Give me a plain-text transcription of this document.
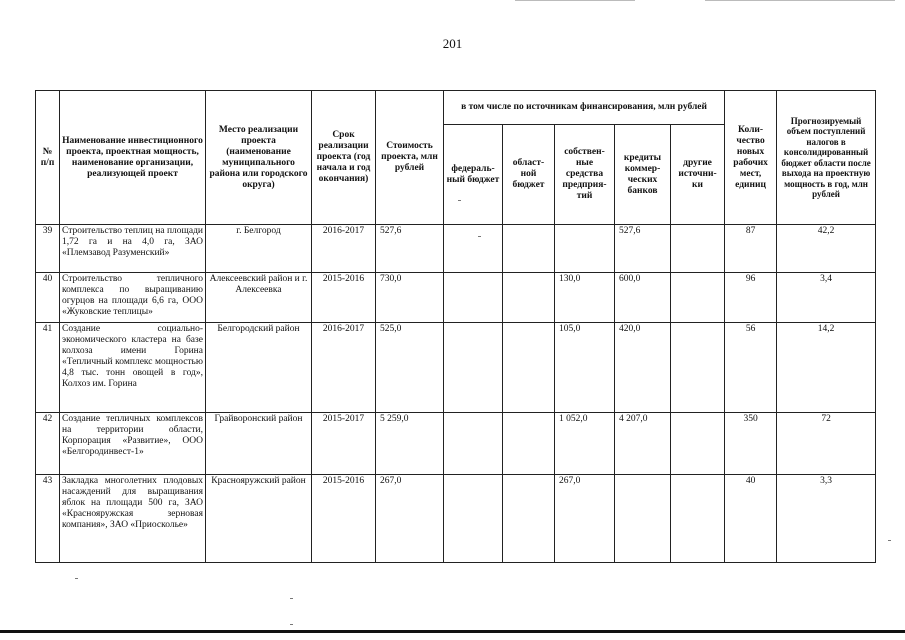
201
№ п/п	Наименование инвестиционного проекта, проектная мощность, наименование организации, реализующей проект	Место реализации проекта (наименование муниципального района или городского округа)	Срок реализации проекта (год начала и год окончания)	Стоимость проекта, млн рублей	в том числе по источникам финансирования, млн рублей					Коли-чество новых рабочих мест, единиц	Прогнозируемый объем поступлений налогов в консолидированный бюджет области после выхода на проектную мощность в год, млн рублей
					федераль-ный бюджет	област-ной бюджет	собствен-ные средства предприя-тий	кредиты коммер-ческих банков	другие источни-ки		
39	Строительство теплиц на площади 1,72 га и на 4,0 га, ЗАО «Племзавод Разуменский»	г. Белгород	2016-2017	527,6				527,6		87	42,2
40	Строительство тепличного комплекса по выращиванию огурцов на площади 6,6 га, ООО «Жуковские теплицы»	Алексеевский район и г. Алексеевка	2015-2016	730,0			130,0	600,0		96	3,4
41	Создание социально-экономического кластера на базе колхоза имени Горина «Тепличный комплекс мощностью 4,8 тыс. тонн овощей в год», Колхоз им. Горина	Белгородский район	2016-2017	525,0			105,0	420,0		56	14,2
42	Создание тепличных комплексов на территории области, Корпорация «Развитие», ООО «Белгородинвест-1»	Грайворонский район	2015-2017	5 259,0			1 052,0	4 207,0		350	72
43	Закладка многолетних плодовых насаждений для выращивания яблок на площади 500 га, ЗАО «Краснояружская зерновая компания», ЗАО «Приосколье»	Краснояружский район	2015-2016	267,0			267,0			40	3,3
